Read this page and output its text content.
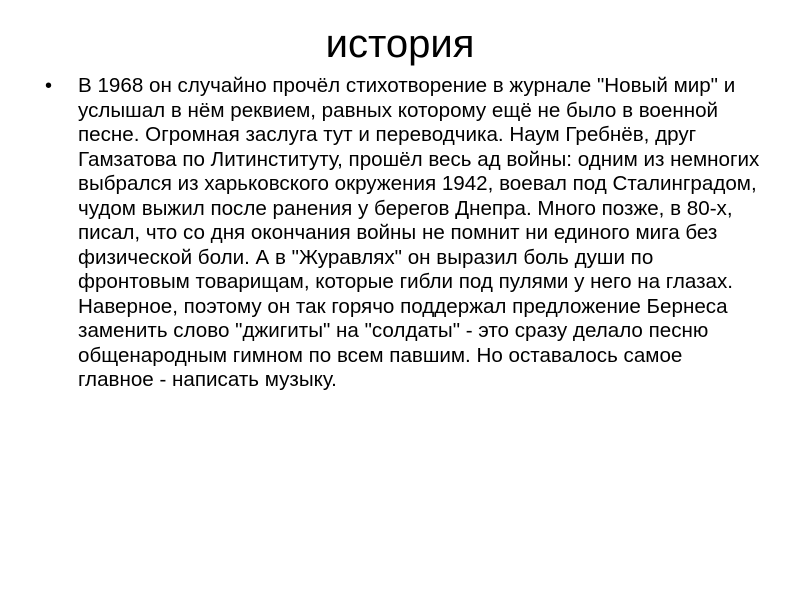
история
• В 1968 он случайно прочёл стихотворение в журнале "Новый мир" и услышал в нём реквием, равных которому ещё не было в военной песне. Огромная заслуга тут и переводчика. Наум Гребнёв, друг Гамзатова по Литинституту, прошёл весь ад войны: одним из немногих выбрался из харьковского окружения 1942, воевал под Сталинградом, чудом выжил после ранения у берегов Днепра. Много позже, в 80-х, писал, что со дня окончания войны не помнит ни единого мига без физической боли. А в "Журавлях" он выразил боль души по фронтовым товарищам, которые гибли под пулями у него на глазах. Наверное, поэтому он так горячо поддержал предложение Бернеса заменить слово "джигиты" на "солдаты" - это сразу делало песню общенародным гимном по всем павшим. Но оставалось самое главное - написать музыку.
